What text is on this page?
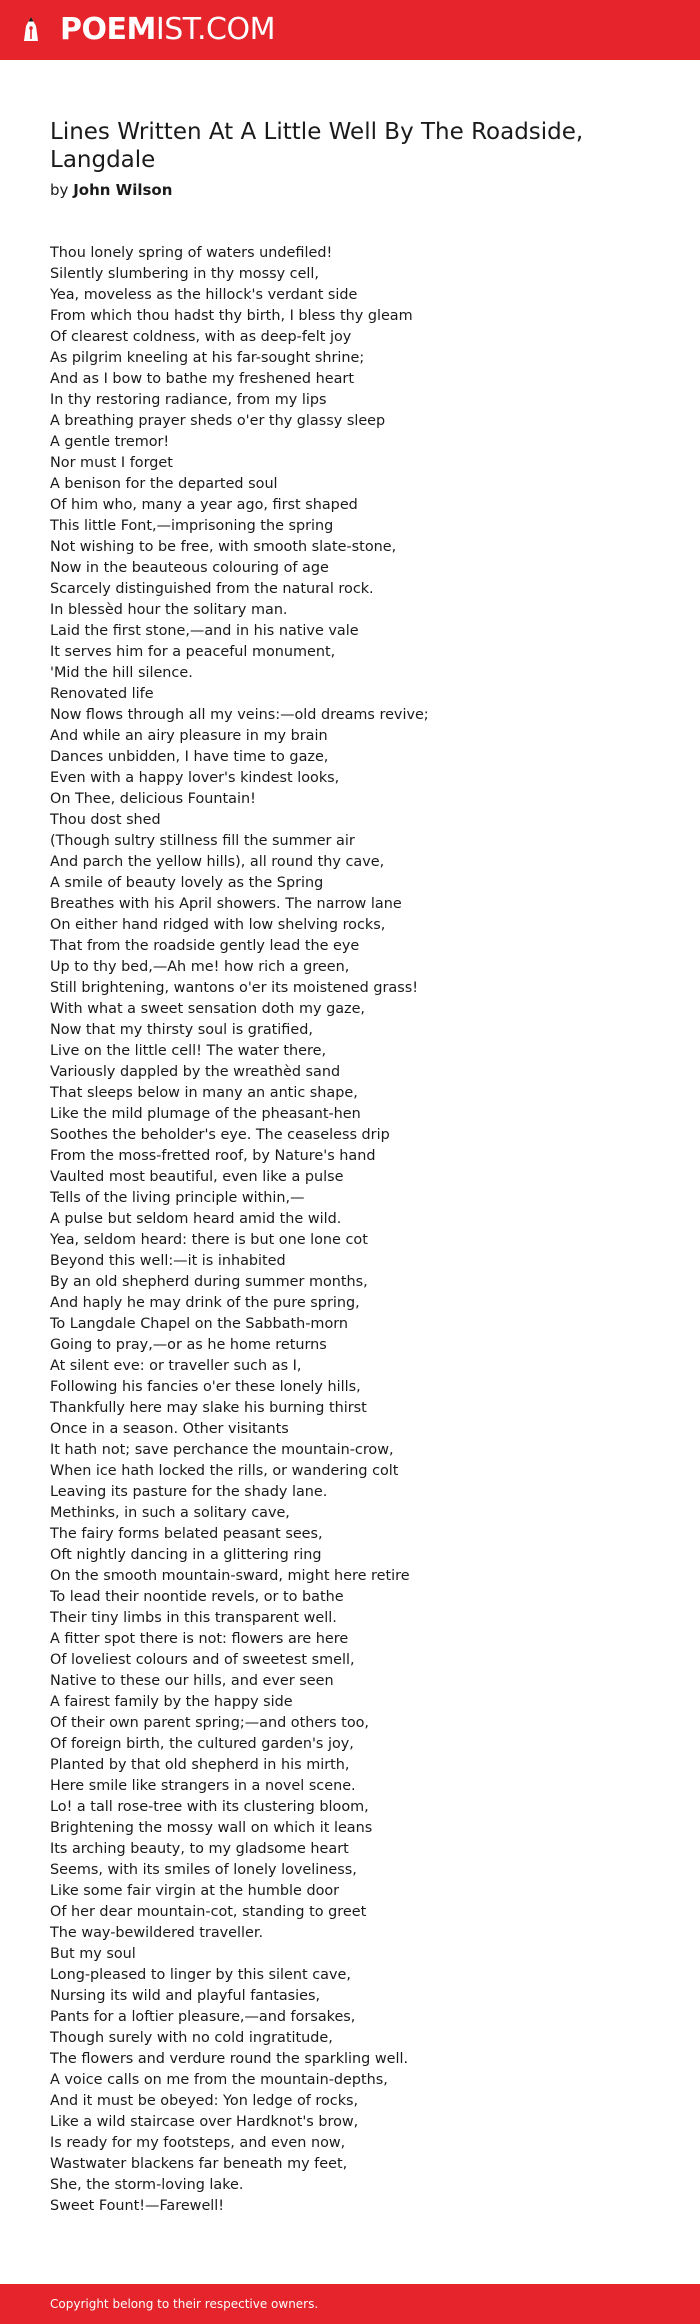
POEMIST.COM
Lines Written At A Little Well By The Roadside, Langdale
by John Wilson
Thou lonely spring of waters undefiled!
Silently slumbering in thy mossy cell,
Yea, moveless as the hillock's verdant side
From which thou hadst thy birth, I bless thy gleam
Of clearest coldness, with as deep-felt joy
As pilgrim kneeling at his far-sought shrine;
And as I bow to bathe my freshened heart
In thy restoring radiance, from my lips
A breathing prayer sheds o'er thy glassy sleep
A gentle tremor!
Nor must I forget
A benison for the departed soul
Of him who, many a year ago, first shaped
This little Font,—imprisoning the spring
Not wishing to be free, with smooth slate-stone,
Now in the beauteous colouring of age
Scarcely distinguished from the natural rock.
In blessèd hour the solitary man.
Laid the first stone,—and in his native vale
It serves him for a peaceful monument,
'Mid the hill silence.
Renovated life
Now flows through all my veins:—old dreams revive;
And while an airy pleasure in my brain
Dances unbidden, I have time to gaze,
Even with a happy lover's kindest looks,
On Thee, delicious Fountain!
Thou dost shed
(Though sultry stillness fill the summer air
And parch the yellow hills), all round thy cave,
A smile of beauty lovely as the Spring
Breathes with his April showers. The narrow lane
On either hand ridged with low shelving rocks,
That from the roadside gently lead the eye
Up to thy bed,—Ah me! how rich a green,
Still brightening, wantons o'er its moistened grass!
With what a sweet sensation doth my gaze,
Now that my thirsty soul is gratified,
Live on the little cell! The water there,
Variously dappled by the wreathèd sand
That sleeps below in many an antic shape,
Like the mild plumage of the pheasant-hen
Soothes the beholder's eye. The ceaseless drip
From the moss-fretted roof, by Nature's hand
Vaulted most beautiful, even like a pulse
Tells of the living principle within,—
A pulse but seldom heard amid the wild.
Yea, seldom heard: there is but one lone cot
Beyond this well:—it is inhabited
By an old shepherd during summer months,
And haply he may drink of the pure spring,
To Langdale Chapel on the Sabbath-morn
Going to pray,—or as he home returns
At silent eve: or traveller such as I,
Following his fancies o'er these lonely hills,
Thankfully here may slake his burning thirst
Once in a season. Other visitants
It hath not; save perchance the mountain-crow,
When ice hath locked the rills, or wandering colt
Leaving its pasture for the shady lane.
Methinks, in such a solitary cave,
The fairy forms belated peasant sees,
Oft nightly dancing in a glittering ring
On the smooth mountain-sward, might here retire
To lead their noontide revels, or to bathe
Their tiny limbs in this transparent well.
A fitter spot there is not: flowers are here
Of loveliest colours and of sweetest smell,
Native to these our hills, and ever seen
A fairest family by the happy side
Of their own parent spring;—and others too,
Of foreign birth, the cultured garden's joy,
Planted by that old shepherd in his mirth,
Here smile like strangers in a novel scene.
Lo! a tall rose-tree with its clustering bloom,
Brightening the mossy wall on which it leans
Its arching beauty, to my gladsome heart
Seems, with its smiles of lonely loveliness,
Like some fair virgin at the humble door
Of her dear mountain-cot, standing to greet
The way-bewildered traveller.
But my soul
Long-pleased to linger by this silent cave,
Nursing its wild and playful fantasies,
Pants for a loftier pleasure,—and forsakes,
Though surely with no cold ingratitude,
The flowers and verdure round the sparkling well.
A voice calls on me from the mountain-depths,
And it must be obeyed: Yon ledge of rocks,
Like a wild staircase over Hardknot's brow,
Is ready for my footsteps, and even now,
Wastwater blackens far beneath my feet,
She, the storm-loving lake.
Sweet Fount!—Farewell!
Copyright belong to their respective owners.
